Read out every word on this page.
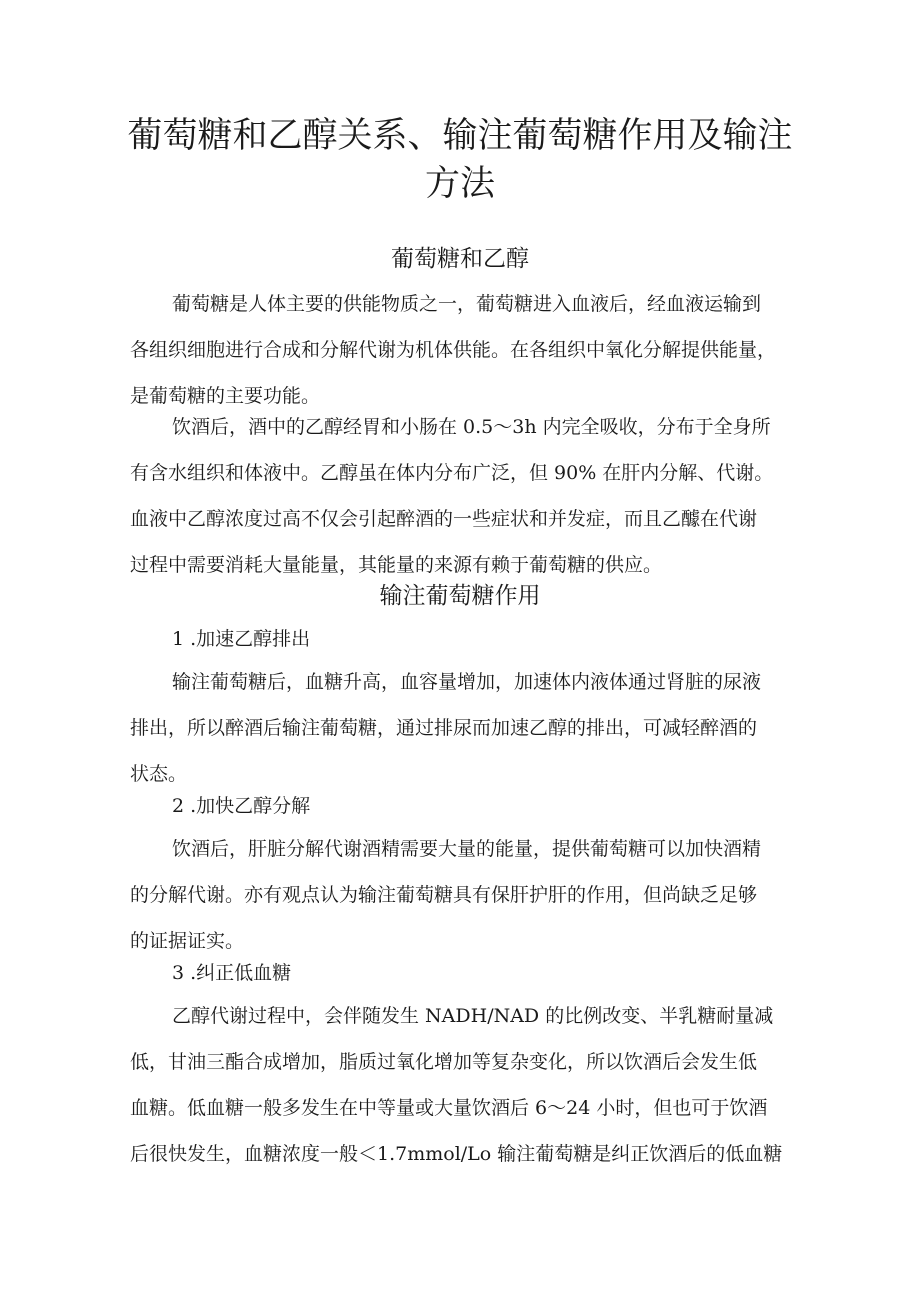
葡萄糖和乙醇关系、输注葡萄糖作用及输注
方法
葡萄糖和乙醇
葡萄糖是人体主要的供能物质之一，葡萄糖进入血液后，经血液运输到
各组织细胞进行合成和分解代谢为机体供能。在各组织中氧化分解提供能量，
是葡萄糖的主要功能。
饮酒后，酒中的乙醇经胃和小肠在 0.5～3h 内完全吸收，分布于全身所
有含水组织和体液中。乙醇虽在体内分布广泛，但 90% 在肝内分解、代谢。
血液中乙醇浓度过高不仅会引起醉酒的一些症状和并发症，而且乙醵在代谢
过程中需要消耗大量能量，其能量的来源有赖于葡萄糖的供应。
输注葡萄糖作用
1 .加速乙醇排出
输注葡萄糖后，血糖升高，血容量增加，加速体内液体通过肾脏的尿液
排出，所以醉酒后输注葡萄糖，通过排尿而加速乙醇的排出，可减轻醉酒的
状态。
2 .加快乙醇分解
饮酒后，肝脏分解代谢酒精需要大量的能量，提供葡萄糖可以加快酒精
的分解代谢。亦有观点认为输注葡萄糖具有保肝护肝的作用，但尚缺乏足够
的证据证实。
3 .纠正低血糖
乙醇代谢过程中，会伴随发生 NADH/NAD 的比例改变、半乳糖耐量减
低，甘油三酯合成增加，脂质过氧化增加等复杂变化，所以饮酒后会发生低
血糖。低血糖一般多发生在中等量或大量饮酒后 6～24 小时，但也可于饮酒
后很快发生，血糖浓度一般＜1.7mmol/Lo 输注葡萄糖是纠正饮酒后的低血糖
